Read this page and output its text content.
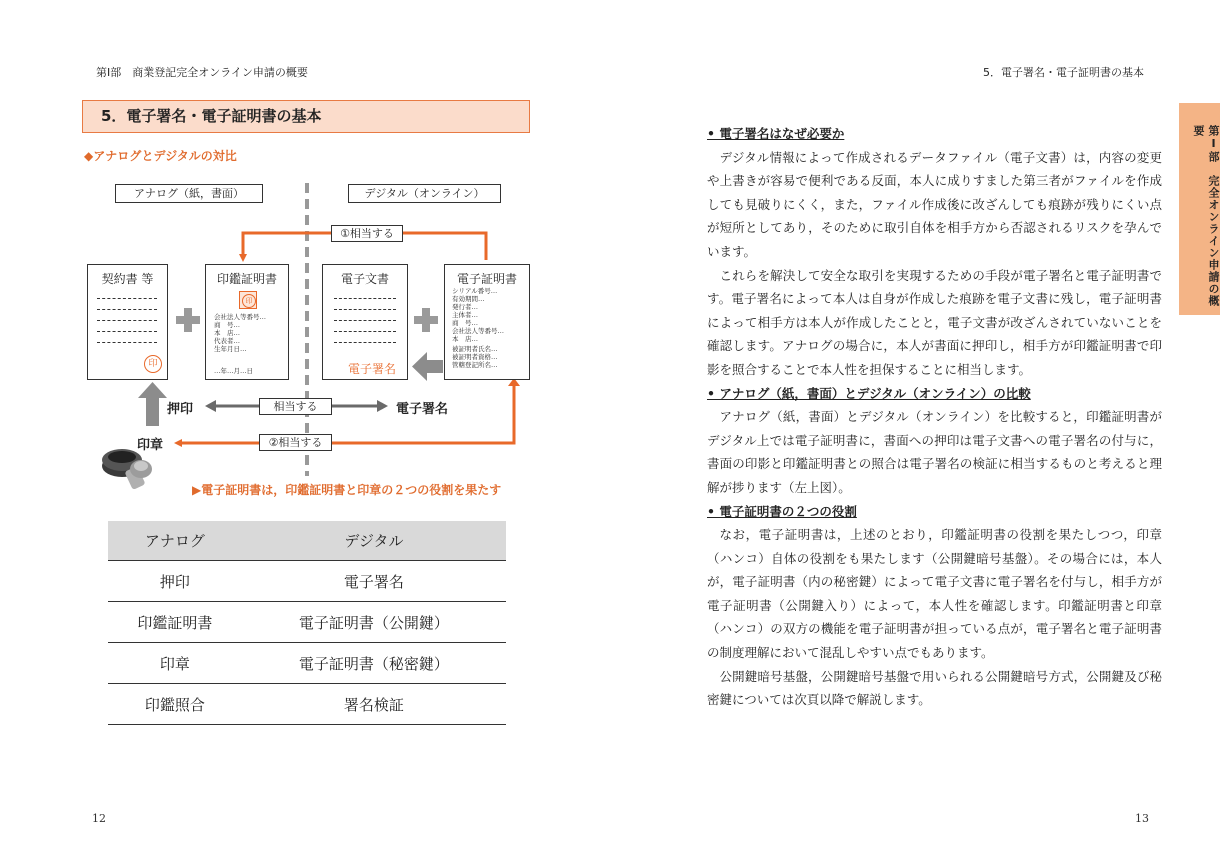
第Ⅰ部　商業登記完全オンライン申請の概要
5．電子署名・電子証明書の基本
◆アナログとデジタルの対比
アナログ（紙，書面）	デジタル（オンライン）
①相当する
契約書 等
印
印鑑証明書
印
会社法人等番号…
商　号…
本　店…
代表者…
生年月日…
…年…月…日
電子文書
電子署名
電子証明書
シリアル番号…
有効期間…
発行者…
主体者…
商　号…
会社法人等番号…
本　店…
被証明者氏名…
被証明者資格…
管轄登記所名…
押印	相当する	電子署名
印章	②相当する
▶電子証明書は，印鑑証明書と印章の２つの役割を果たす
アナログ	デジタル
押印	電子署名
印鑑証明書	電子証明書（公開鍵）
印章	電子証明書（秘密鍵）
印鑑照合	署名検証
12
5．電子署名・電子証明書の基本
第Ⅰ部　完全オンライン申請の概要
• 電子署名はなぜ必要か

デジタル情報によって作成されるデータファイル（電子文書）は，内容の変更や上書きが容易で便利である反面，本人に成りすました第三者がファイルを作成しても見破りにくく，また，ファイル作成後に改ざんしても痕跡が残りにくい点が短所としてあり，そのために取引自体を相手方から否認されるリスクを孕んでいます。

これらを解決して安全な取引を実現するための手段が電子署名と電子証明書です。電子署名によって本人は自身が作成した痕跡を電子文書に残し，電子証明書によって相手方は本人が作成したことと，電子文書が改ざんされていないことを確認します。アナログの場合に，本人が書面に押印し，相手方が印鑑証明書で印影を照合することで本人性を担保することに相当します。

• アナログ（紙，書面）とデジタル（オンライン）の比較

アナログ（紙，書面）とデジタル（オンライン）を比較すると，印鑑証明書がデジタル上では電子証明書に，書面への押印は電子文書への電子署名の付与に，書面の印影と印鑑証明書との照合は電子署名の検証に相当するものと考えると理解が捗ります（左上図）。

• 電子証明書の２つの役割

なお，電子証明書は，上述のとおり，印鑑証明書の役割を果たしつつ，印章（ハンコ）自体の役割をも果たします（公開鍵暗号基盤）。その場合には，本人が，電子証明書（内の秘密鍵）によって電子文書に電子署名を付与し，相手方が電子証明書（公開鍵入り）によって，本人性を確認します。印鑑証明書と印章（ハンコ）の双方の機能を電子証明書が担っている点が，電子署名と電子証明書の制度理解において混乱しやすい点でもあります。

公開鍵暗号基盤，公開鍵暗号基盤で用いられる公開鍵暗号方式，公開鍵及び秘密鍵については次頁以降で解説します。

13
